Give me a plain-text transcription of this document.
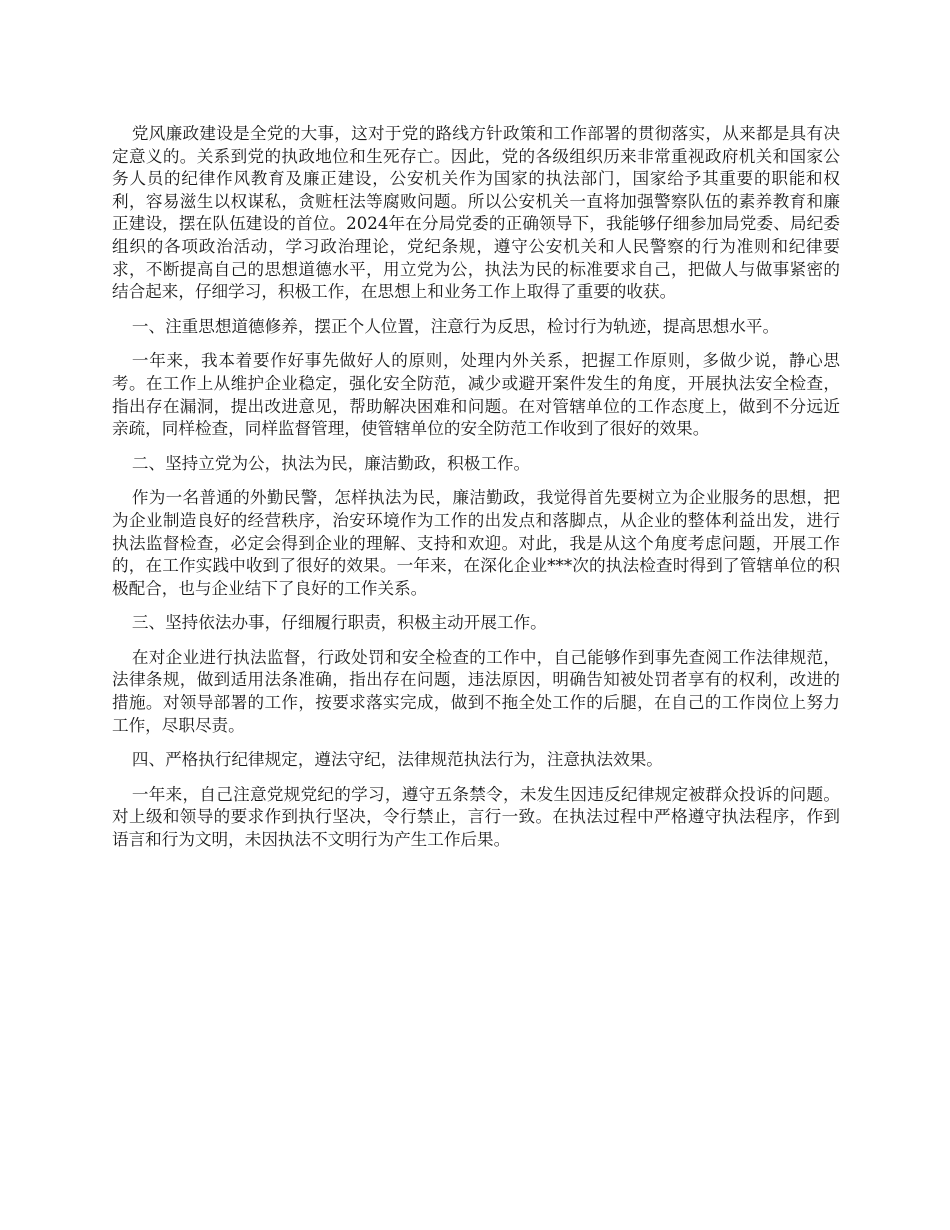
党风廉政建设是全党的大事，这对于党的路线方针政策和工作部署的贯彻落实，从来都是具有决定意义的。关系到党的执政地位和生死存亡。因此，党的各级组织历来非常重视政府机关和国家公务人员的纪律作风教育及廉正建设，公安机关作为国家的执法部门，国家给予其重要的职能和权利，容易滋生以权谋私，贪赃枉法等腐败问题。所以公安机关一直将加强警察队伍的素养教育和廉正建设，摆在队伍建设的首位。2024年在分局党委的正确领导下，我能够仔细参加局党委、局纪委组织的各项政治活动，学习政治理论，党纪条规，遵守公安机关和人民警察的行为准则和纪律要求，不断提高自己的思想道德水平，用立党为公，执法为民的标准要求自己，把做人与做事紧密的结合起来，仔细学习，积极工作，在思想上和业务工作上取得了重要的收获。

一、注重思想道德修养，摆正个人位置，注意行为反思，检讨行为轨迹，提高思想水平。

一年来，我本着要作好事先做好人的原则，处理内外关系，把握工作原则，多做少说，静心思考。在工作上从维护企业稳定，强化安全防范，减少或避开案件发生的角度，开展执法安全检查，指出存在漏洞，提出改进意见，帮助解决困难和问题。在对管辖单位的工作态度上，做到不分远近亲疏，同样检查，同样监督管理，使管辖单位的安全防范工作收到了很好的效果。

二、坚持立党为公，执法为民，廉洁勤政，积极工作。

作为一名普通的外勤民警，怎样执法为民，廉洁勤政，我觉得首先要树立为企业服务的思想，把为企业制造良好的经营秩序，治安环境作为工作的出发点和落脚点，从企业的整体利益出发，进行执法监督检查，必定会得到企业的理解、支持和欢迎。对此，我是从这个角度考虑问题，开展工作的，在工作实践中收到了很好的效果。一年来，在深化企业***次的执法检查时得到了管辖单位的积极配合，也与企业结下了良好的工作关系。

三、坚持依法办事，仔细履行职责，积极主动开展工作。

在对企业进行执法监督，行政处罚和安全检查的工作中，自己能够作到事先查阅工作法律规范，法律条规，做到适用法条准确，指出存在问题，违法原因，明确告知被处罚者享有的权利，改进的措施。对领导部署的工作，按要求落实完成，做到不拖全处工作的后腿，在自己的工作岗位上努力工作，尽职尽责。

四、严格执行纪律规定，遵法守纪，法律规范执法行为，注意执法效果。

一年来，自己注意党规党纪的学习，遵守五条禁令，未发生因违反纪律规定被群众投诉的问题。对上级和领导的要求作到执行坚决，令行禁止，言行一致。在执法过程中严格遵守执法程序，作到语言和行为文明，未因执法不文明行为产生工作后果。
